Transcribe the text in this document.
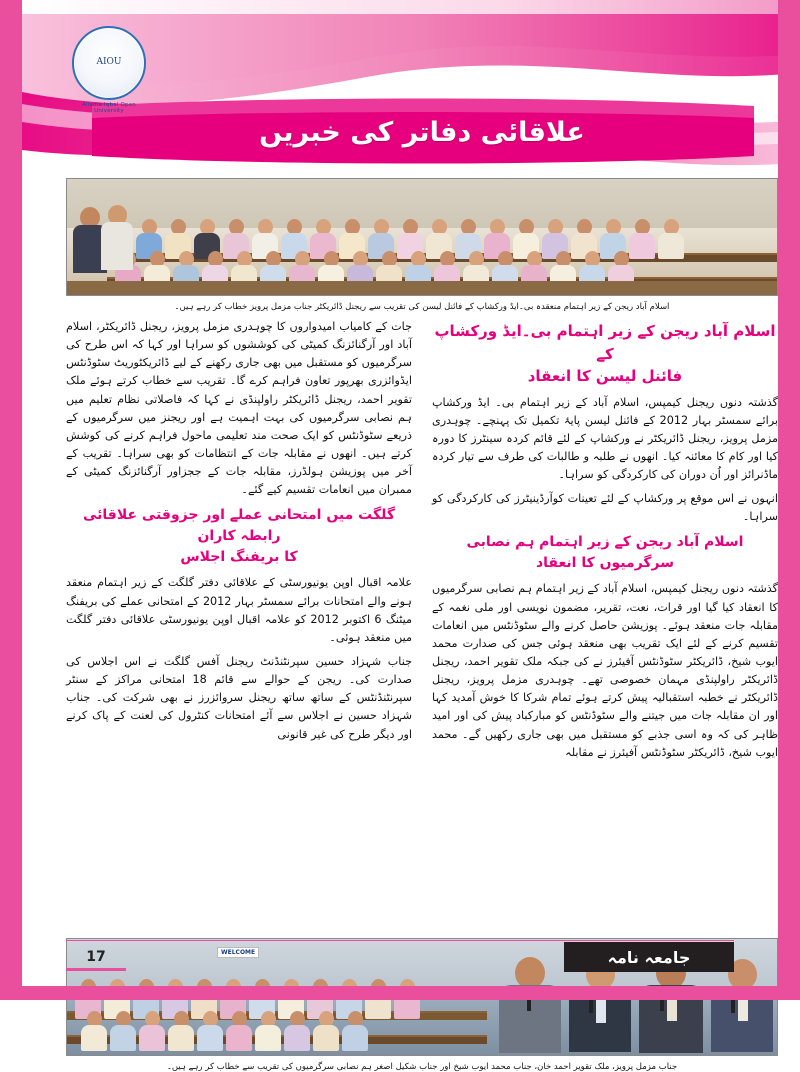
AIOU
Allama Iqbal Open University
علاقائی دفاتر کی خبریں
اسلام آباد ریجن کے زیر اہتمام منعقدہ بی۔ایڈ ورکشاپ کے فائنل لیسن کی تقریب سے ریجنل ڈائریکٹر جناب مزمل پرویز خطاب کر رہے ہیں۔
اسلام آباد ریجن کے زیر اہتمام بی۔ایڈ ورکشاپ کے
فائنل لیسن کا انعقاد

گذشتہ دنوں ریجنل کیمپس، اسلام آباد کے زیر اہتمام بی۔ ایڈ ورکشاپ برائے سمسٹر بہار 2012 کے فائنل لیسن پایۂ تکمیل تک پہنچے۔ چوہدری مزمل پرویز، ریجنل ڈائریکٹر نے ورکشاپ کے لئے قائم کردہ سینٹرز کا دورہ کیا اور کام کا معائنہ کیا۔ انھوں نے طلبہ و طالبات کی طرف سے تیار کردہ ماڈنرائز اور اُن دوران کی کارکردگی کو سراہا۔

انہوں نے اس موقع پر ورکشاپ کے لئے تعینات کوآرڈینیٹرز کی کارکردگی کو سراہا۔

اسلام آباد ریجن کے زیر اہتمام ہم نصابی سرگرمیوں کا انعقاد

گذشتہ دنوں ریجنل کیمپس، اسلام آباد کے زیر اہتمام ہم نصابی سرگرمیوں کا انعقاد کیا گیا اور قرات، نعت، تقریر، مضمون نویسی اور ملی نغمہ کے مقابلہ جات منعقد ہوئے۔ پوزیشن حاصل کرنے والے سٹوڈنٹس میں انعامات تقسیم کرنے کے لئے ایک تقریب بھی منعقد ہوئی جس کی صدارت محمد ایوب شیخ، ڈائریکٹر سٹوڈنٹس آفیئرز نے کی جبکہ ملک تقویر احمد، ریجنل ڈائریکٹر راولپنڈی مہمان خصوصی تھے۔ چوہدری مزمل پرویز، ریجنل ڈائریکٹر نے خطبہ استقبالیہ پیش کرتے ہوئے تمام شرکا کا خوش آمدید کہا اور ان مقابلہ جات میں جیتنے والے سٹوڈنٹس کو مبارکباد پیش کی اور امید ظاہر کی کہ وہ اسی جذبے کو مستقبل میں بھی جاری رکھیں گے۔ محمد ایوب شیخ، ڈائریکٹر سٹوڈنٹس آفیئرز نے مقابلہ

جات کے کامیاب امیدواروں کا چوہدری مزمل پرویز، ریجنل ڈائریکٹر، اسلام آباد اور آرگنائزنگ کمیٹی کی کوششوں کو سراہا اور کہا کہ اس طرح کی سرگرمیوں کو مستقبل میں بھی جاری رکھنے کے لیے ڈائریکٹوریٹ سٹوڈنٹس ایڈوائزری بھرپور تعاون فراہم کرے گا۔ تقریب سے خطاب کرتے ہوئے ملک تقویر احمد، ریجنل ڈائریکٹر راولپنڈی نے کہا کہ فاصلاتی نظام تعلیم میں ہم نصابی سرگرمیوں کی بہت اہمیت ہے اور ریجنز میں سرگرمیوں کے ذریعے سٹوڈنٹس کو ایک صحت مند تعلیمی ماحول فراہم کرنے کی کوشش کرتے ہیں۔ انھوں نے مقابلہ جات کے انتظامات کو بھی سراہا۔ تقریب کے آخر میں پوزیشن ہولڈرز، مقابلہ جات کے ججزاور آرگنائزنگ کمیٹی کے ممبران میں انعامات تقسیم کیے گئے۔

گلگت میں امتحانی عملے اور جزوقتی علاقائی رابطہ کاران
کا بریفنگ اجلاس

علامہ اقبال اوپن یونیورسٹی کے علاقائی دفتر گلگت کے زیر اہتمام منعقد ہونے والے امتحانات برائے سمسٹر بہار 2012 کے امتحانی عملے کی بریفنگ میٹنگ 6 اکتوبر 2012 کو علامہ اقبال اوپن یونیورسٹی علاقائی دفتر گلگت میں منعقد ہوئی۔

جناب شہزاد حسین سپرنٹنڈنٹ ریجنل آفس گلگت نے اس اجلاس کی صدارت کی۔ ریجن کے حوالے سے قائم 18 امتحانی مراکز کے سنٹر سپرنٹنڈنٹس کے ساتھ ساتھ ریجنل سروائزرز نے بھی شرکت کی۔ جناب شہزاد حسین نے اجلاس سے آئے امتحانات کنٹرول کی لعنت کے پاک کرنے اور دیگر طرح کی غیر قانونی

WELCOME
جناب مزمل پرویز، ملک تقویر احمد خان، جناب محمد ایوب شیخ اور جناب شکیل اصغر ہم نصابی سرگرمیوں کی تقریب سے خطاب کر رہے ہیں۔
17	جامعہ نامہ
